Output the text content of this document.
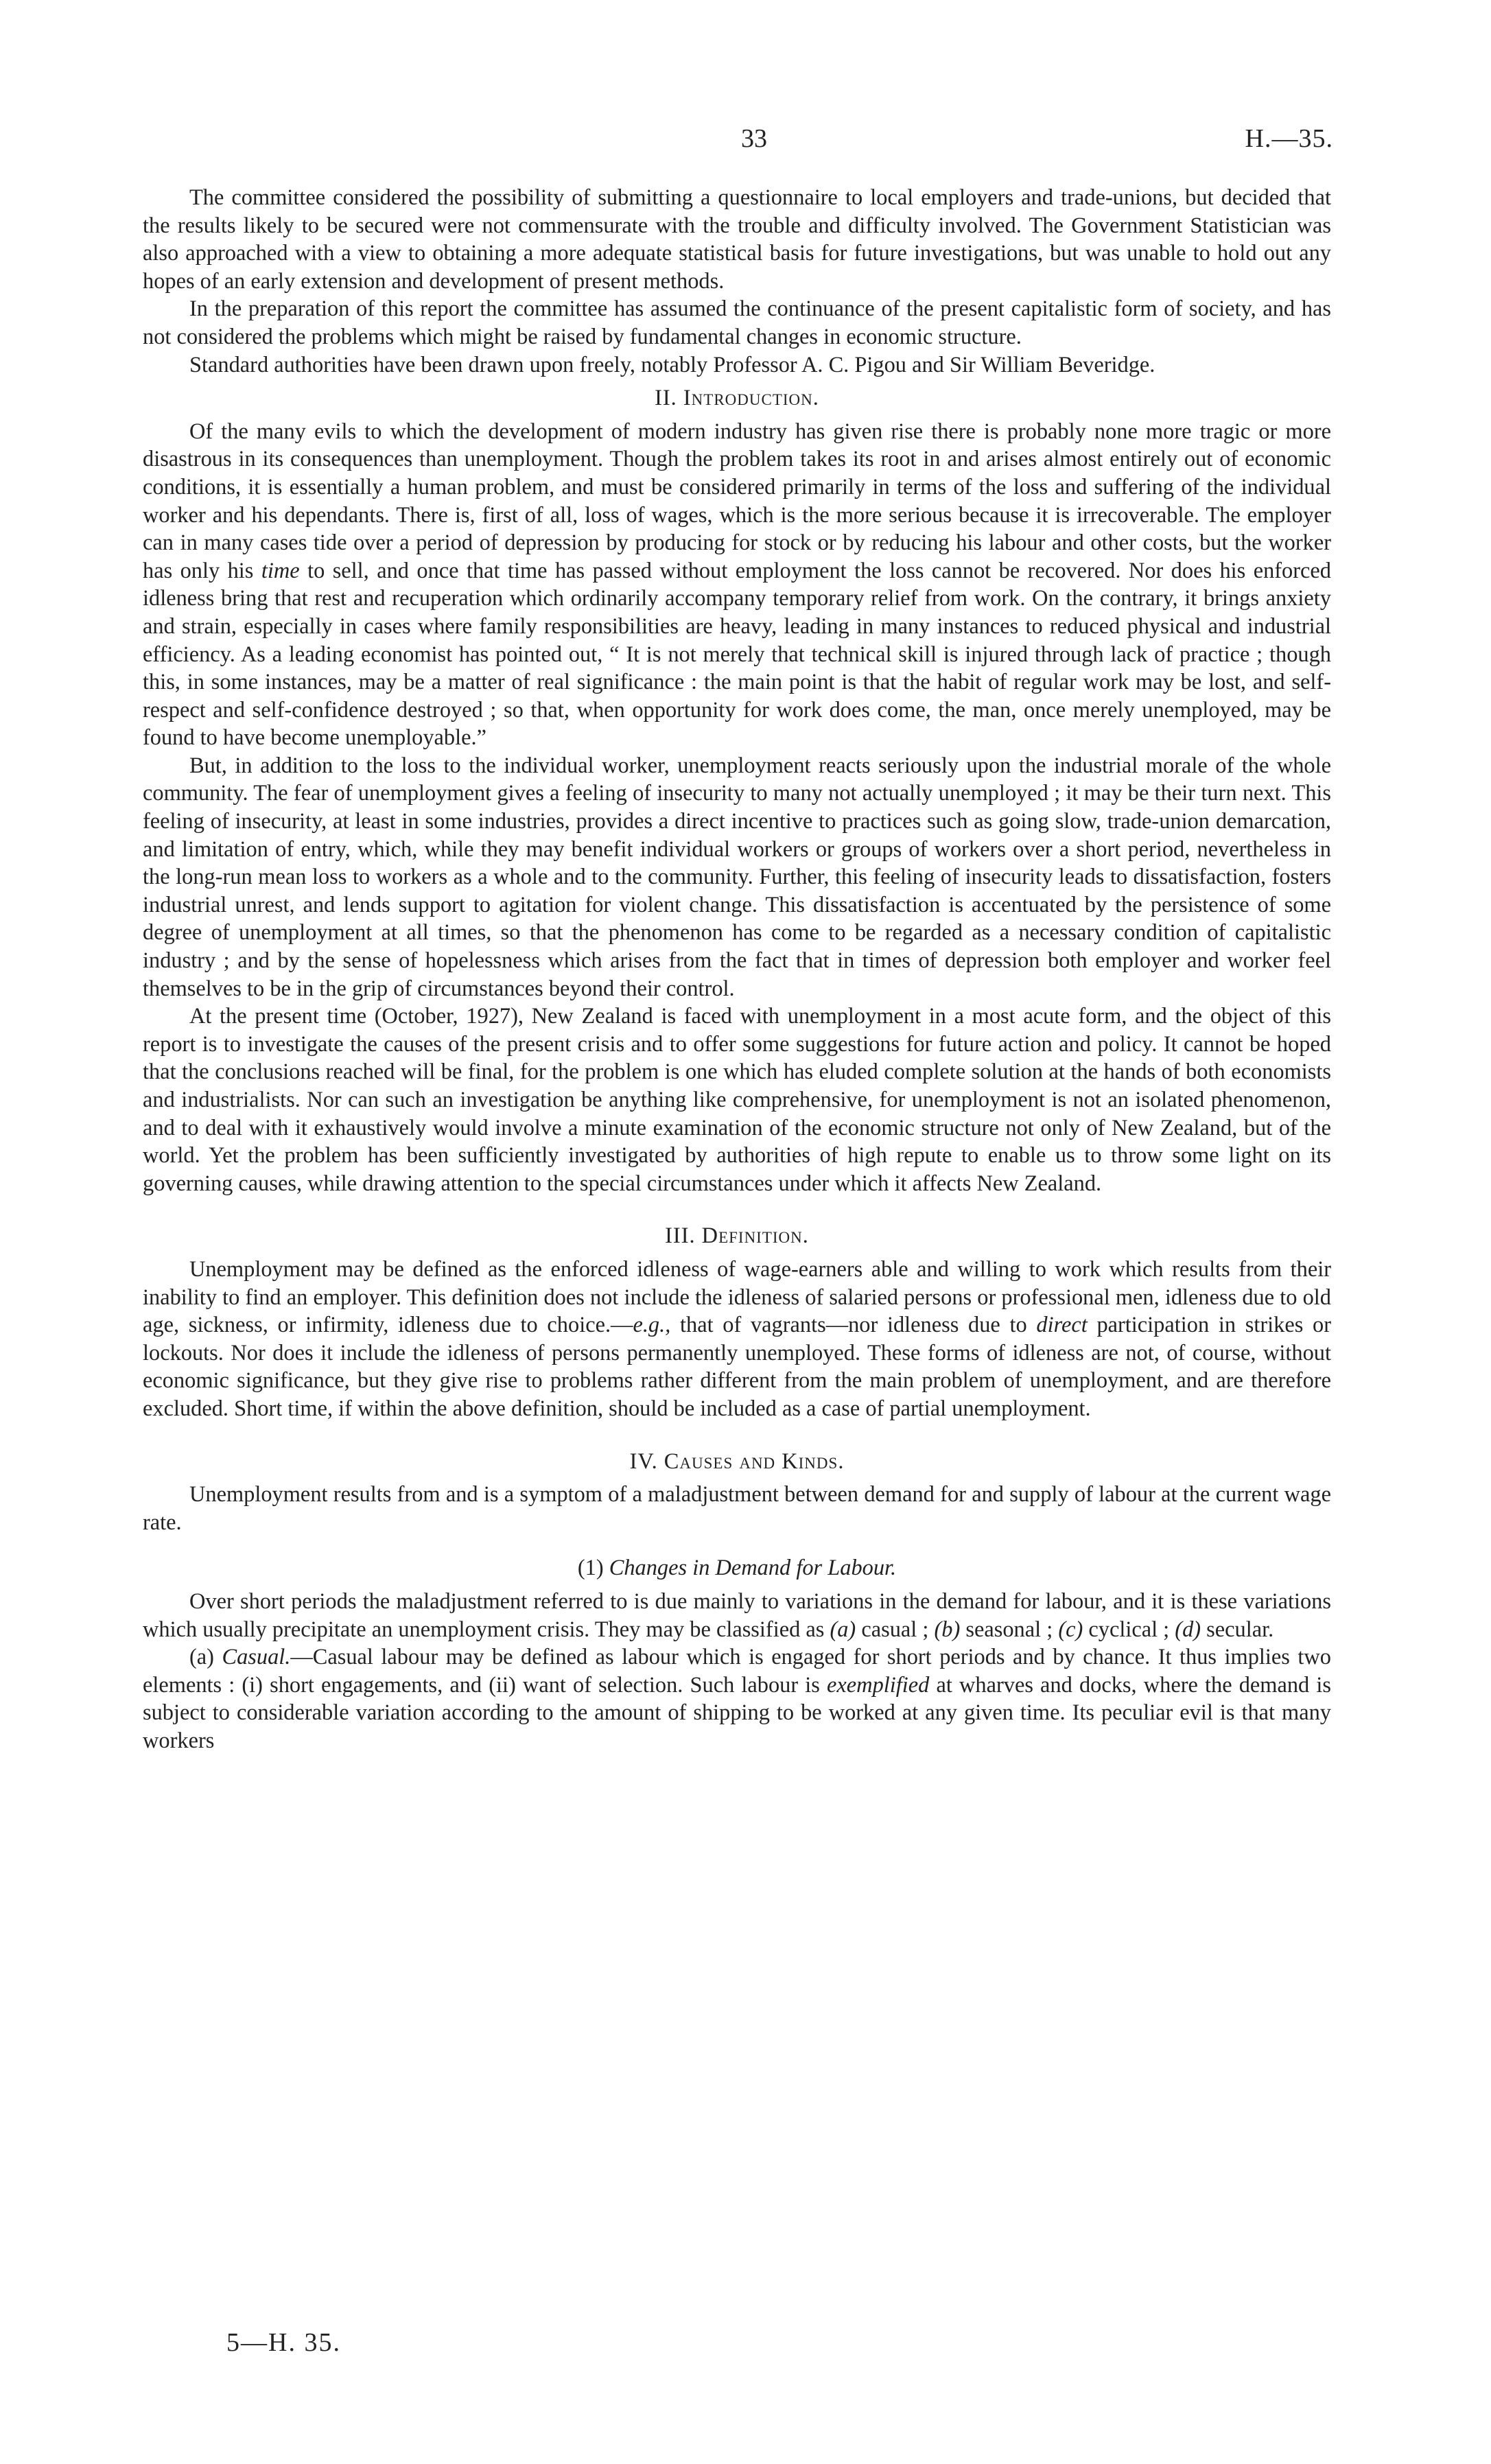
33	H.—35.

The committee considered the possibility of submitting a questionnaire to local employers and trade-unions, but decided that the results likely to be secured were not commensurate with the trouble and difficulty involved. The Government Statistician was also approached with a view to obtaining a more adequate statistical basis for future investigations, but was unable to hold out any hopes of an early extension and development of present methods.

In the preparation of this report the committee has assumed the continuance of the present capitalistic form of society, and has not considered the problems which might be raised by fundamental changes in economic structure.

Standard authorities have been drawn upon freely, notably Professor A. C. Pigou and Sir William Beveridge.

II. Introduction.

Of the many evils to which the development of modern industry has given rise there is probably none more tragic or more disastrous in its consequences than unemployment. Though the problem takes its root in and arises almost entirely out of economic conditions, it is essentially a human problem, and must be considered primarily in terms of the loss and suffering of the individual worker and his dependants. There is, first of all, loss of wages, which is the more serious because it is irrecoverable. The employer can in many cases tide over a period of depression by producing for stock or by reducing his labour and other costs, but the worker has only his time to sell, and once that time has passed without employment the loss cannot be recovered. Nor does his enforced idleness bring that rest and recuperation which ordinarily accompany temporary relief from work. On the contrary, it brings anxiety and strain, especially in cases where family responsibilities are heavy, leading in many instances to reduced physical and industrial efficiency. As a leading economist has pointed out, “ It is not merely that technical skill is injured through lack of practice ; though this, in some instances, may be a matter of real significance : the main point is that the habit of regular work may be lost, and self-respect and self-confidence destroyed ; so that, when opportunity for work does come, the man, once merely unemployed, may be found to have become unemployable.”

But, in addition to the loss to the individual worker, unemployment reacts seriously upon the industrial morale of the whole community. The fear of unemployment gives a feeling of insecurity to many not actually unemployed ; it may be their turn next. This feeling of insecurity, at least in some industries, provides a direct incentive to practices such as going slow, trade-union demarcation, and limitation of entry, which, while they may benefit individual workers or groups of workers over a short period, nevertheless in the long-run mean loss to workers as a whole and to the community. Further, this feeling of insecurity leads to dissatisfaction, fosters industrial unrest, and lends support to agitation for violent change. This dissatisfaction is accentuated by the persistence of some degree of unemployment at all times, so that the phenomenon has come to be regarded as a necessary condition of capitalistic industry ; and by the sense of hopelessness which arises from the fact that in times of depression both employer and worker feel themselves to be in the grip of circumstances beyond their control.

At the present time (October, 1927), New Zealand is faced with unemployment in a most acute form, and the object of this report is to investigate the causes of the present crisis and to offer some suggestions for future action and policy. It cannot be hoped that the conclusions reached will be final, for the problem is one which has eluded complete solution at the hands of both economists and industrialists. Nor can such an investigation be anything like comprehensive, for unemployment is not an isolated phenomenon, and to deal with it exhaustively would involve a minute examination of the economic structure not only of New Zealand, but of the world. Yet the problem has been sufficiently investigated by authorities of high repute to enable us to throw some light on its governing causes, while drawing attention to the special circumstances under which it affects New Zealand.

III. Definition.

Unemployment may be defined as the enforced idleness of wage-earners able and willing to work which results from their inability to find an employer. This definition does not include the idleness of salaried persons or professional men, idleness due to old age, sickness, or infirmity, idleness due to choice.—e.g., that of vagrants—nor idleness due to direct participation in strikes or lockouts. Nor does it include the idleness of persons permanently unemployed. These forms of idleness are not, of course, without economic significance, but they give rise to problems rather different from the main problem of unemployment, and are therefore excluded. Short time, if within the above definition, should be included as a case of partial unemployment.

IV. Causes and Kinds.

Unemployment results from and is a symptom of a maladjustment between demand for and supply of labour at the current wage rate.

(1) Changes in Demand for Labour.

Over short periods the maladjustment referred to is due mainly to variations in the demand for labour, and it is these variations which usually precipitate an unemployment crisis. They may be classified as (a) casual ; (b) seasonal ; (c) cyclical ; (d) secular.

(a) Casual.—Casual labour may be defined as labour which is engaged for short periods and by chance. It thus implies two elements : (i) short engagements, and (ii) want of selection. Such labour is exemplified at wharves and docks, where the demand is subject to considerable variation according to the amount of shipping to be worked at any given time. Its peculiar evil is that many workers

5—H. 35.
